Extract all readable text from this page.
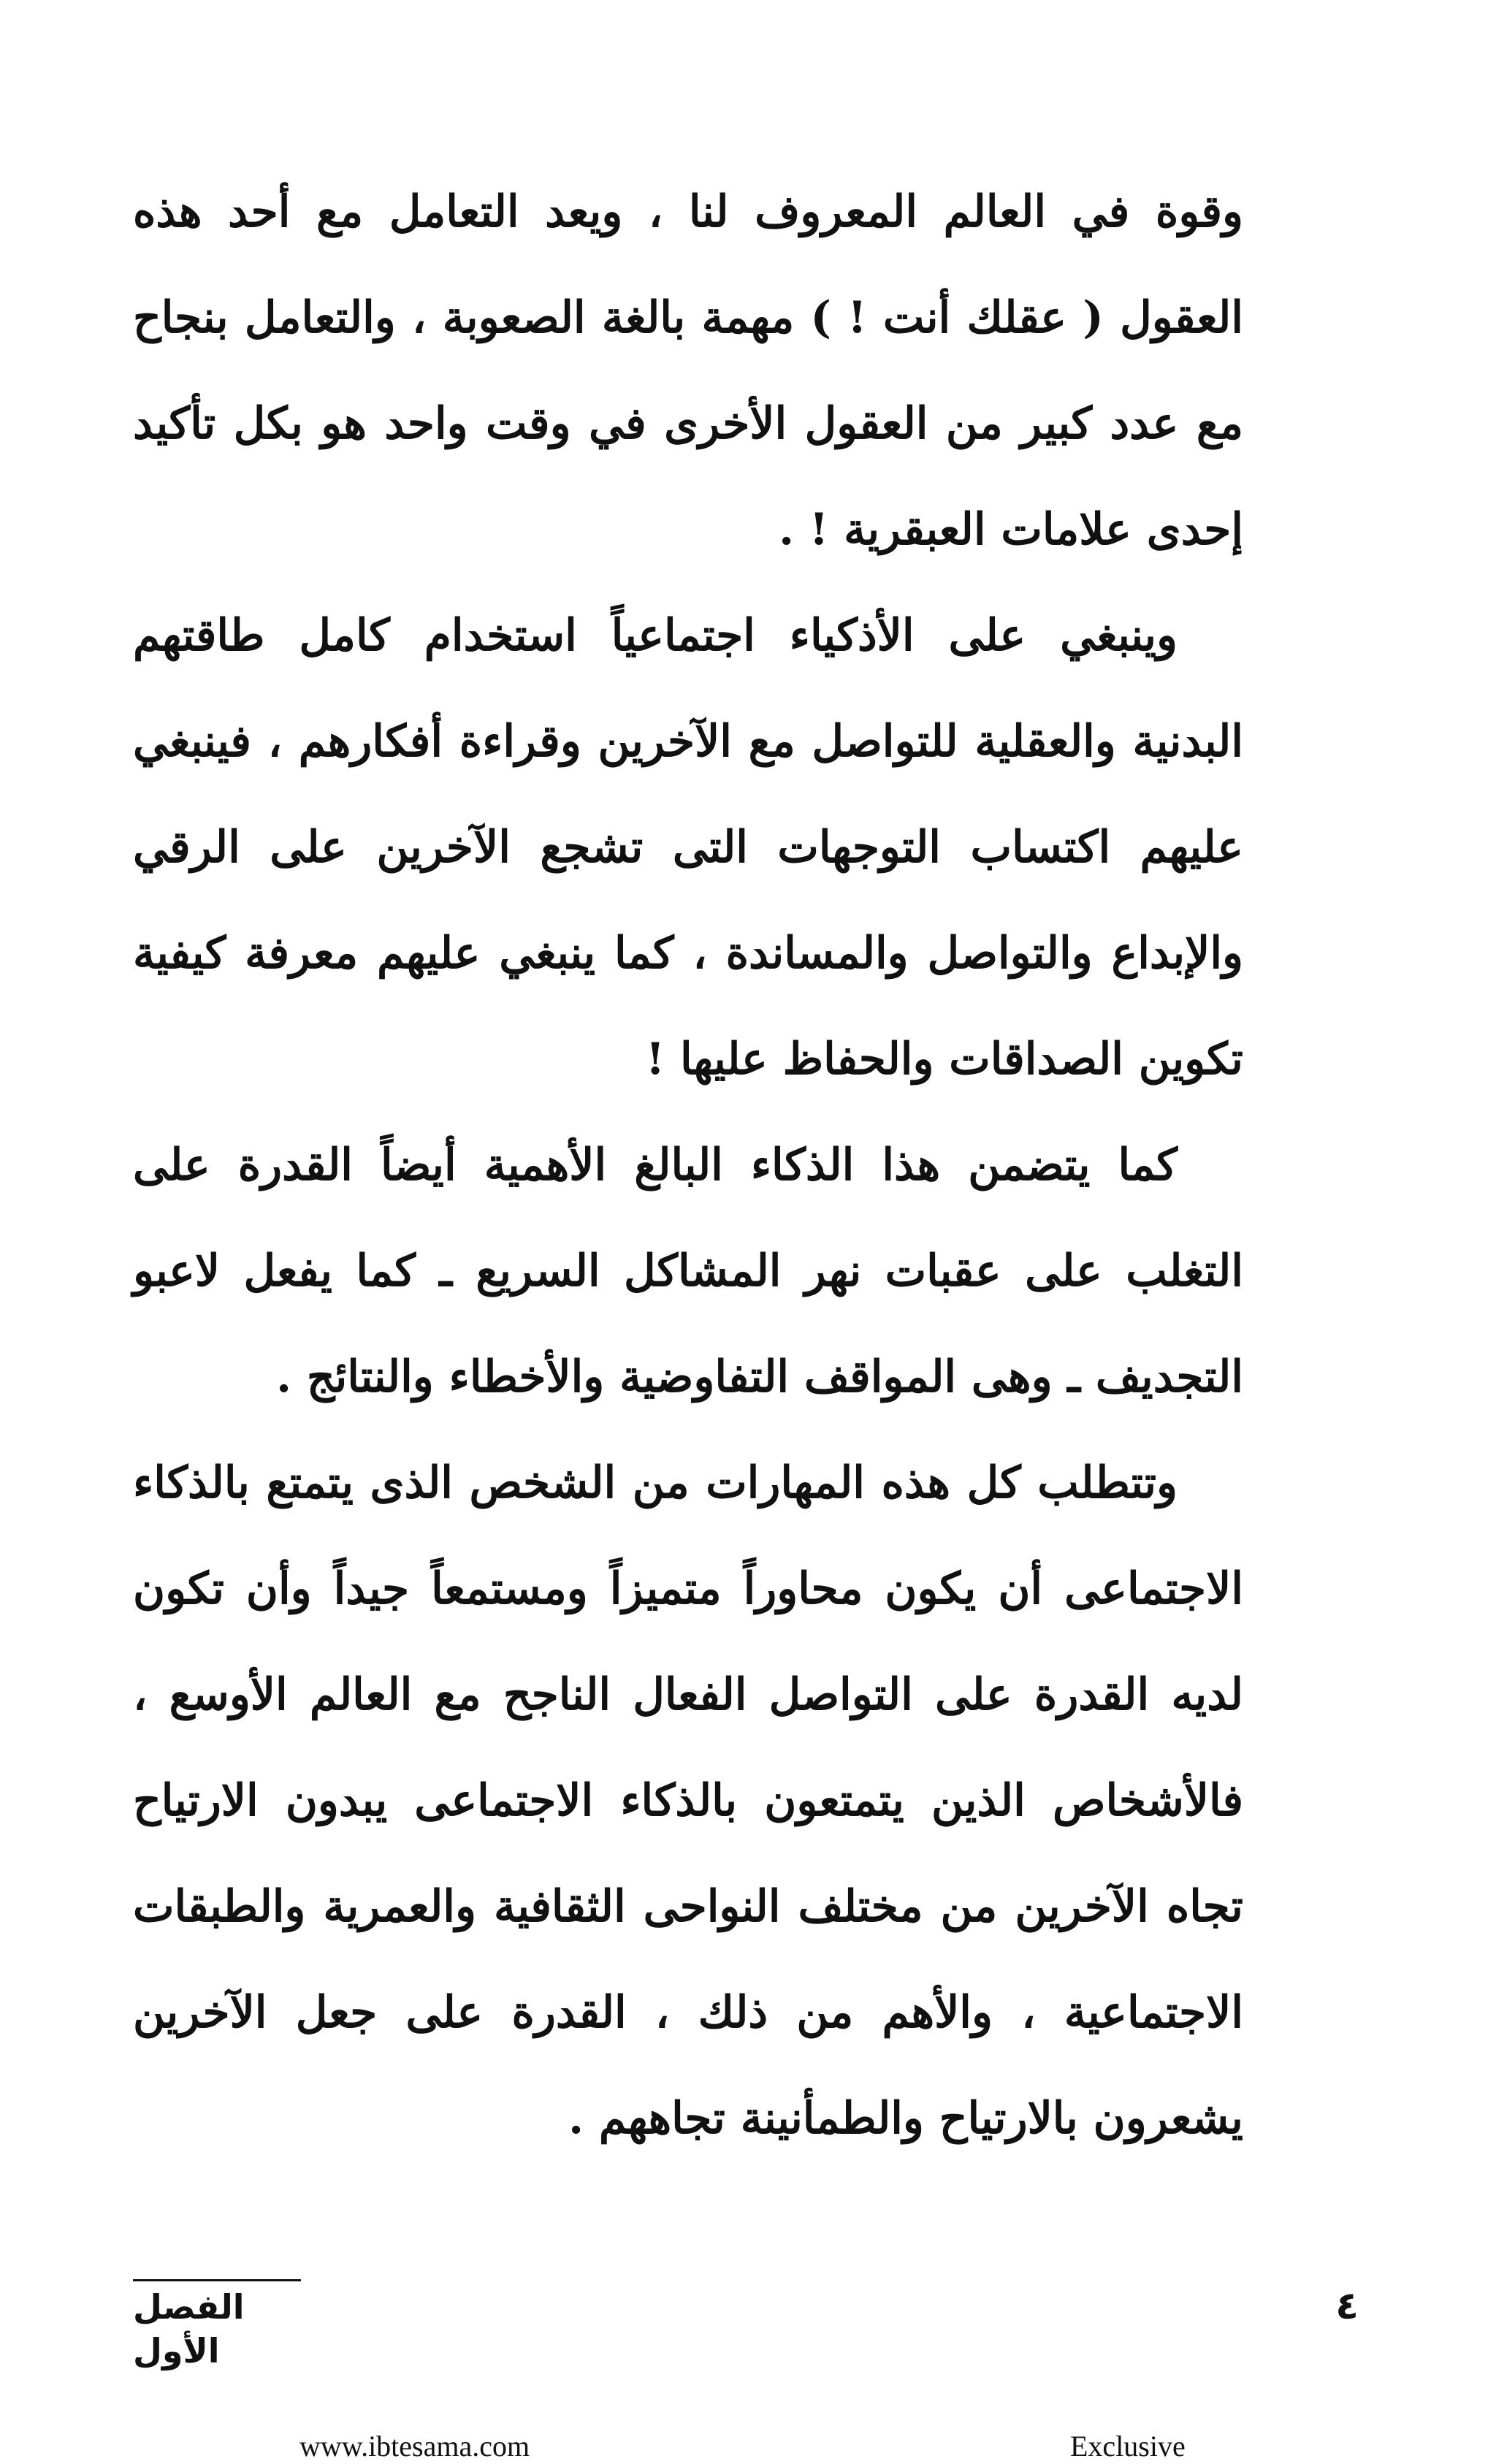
وقوة في العالم المعروف لنا ، ويعد التعامل مع أحد هذه العقول ( عقلك أنت ! ) مهمة بالغة الصعوبة ، والتعامل بنجاح مع عدد كبير من العقول الأخرى في وقت واحد هو بكل تأكيد إحدى علامات العبقرية ! .

وينبغي على الأذكياء اجتماعياً استخدام كامل طاقتهم البدنية والعقلية للتواصل مع الآخرين وقراءة أفكارهم ، فينبغي عليهم اكتساب التوجهات التى تشجع الآخرين على الرقي والإبداع والتواصل والمساندة ، كما ينبغي عليهم معرفة كيفية تكوين الصداقات والحفاظ عليها !

كما يتضمن هذا الذكاء البالغ الأهمية أيضاً القدرة على التغلب على عقبات نهر المشاكل السريع ـ كما يفعل لاعبو التجديف ـ وهى المواقف التفاوضية والأخطاء والنتائج .

وتتطلب كل هذه المهارات من الشخص الذى يتمتع بالذكاء الاجتماعى أن يكون محاوراً متميزاً ومستمعاً جيداً وأن تكون لديه القدرة على التواصل الفعال الناجح مع العالم الأوسع ، فالأشخاص الذين يتمتعون بالذكاء الاجتماعى يبدون الارتياح تجاه الآخرين من مختلف النواحى الثقافية والعمرية والطبقات الاجتماعية ، والأهم من ذلك ، القدرة على جعل الآخرين يشعرون بالارتياح والطمأنينة تجاههم .

الفصل الأول
٤
www.ibtesama.com	Exclusive
